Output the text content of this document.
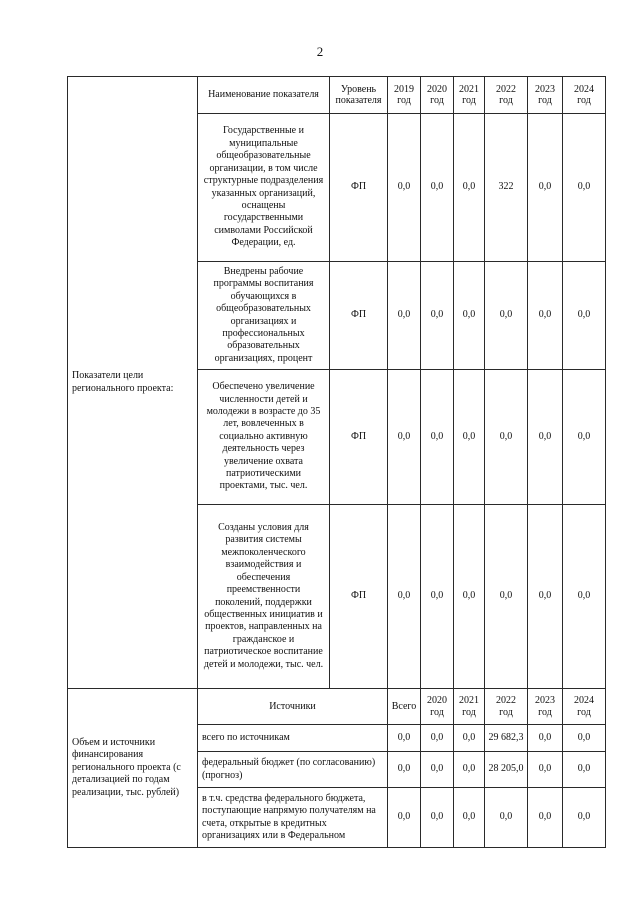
2
Показатели цели регионального проекта:	Наименование показателя	Уровень показателя	2019 год	2020 год	2021 год	2022 год	2023 год	2024 год
	Государственные и муниципальные общеобразовательные организации, в том числе структурные подразделения указанных организаций, оснащены государственными символами Российской Федерации, ед.	ФП	0,0	0,0	0,0	322	0,0	0,0
	Внедрены рабочие программы воспитания обучающихся в общеобразовательных организациях и профессиональных образовательных организациях, процент	ФП	0,0	0,0	0,0	0,0	0,0	0,0
	Обеспечено увеличение численности детей и молодежи в возрасте до 35 лет, вовлеченных в социально активную деятельность через увеличение охвата патриотическими проектами, тыс. чел.	ФП	0,0	0,0	0,0	0,0	0,0	0,0
	Созданы условия для развития системы межпоколенческого взаимодействия и обеспечения преемственности поколений, поддержки общественных инициатив и проектов, направленных на гражданское и патриотическое воспитание детей и молодежи, тыс. чел.	ФП	0,0	0,0	0,0	0,0	0,0	0,0
Объем и источники финансирования регионального проекта (с детализацией по годам реализации, тыс. рублей)	Источники		Всего	2020 год	2021 год	2022 год	2023 год	2024 год
	всего по источникам		0,0	0,0	0,0	29 682,3	0,0	0,0
	федеральный бюджет (по согласованию) (прогноз)		0,0	0,0	0,0	28 205,0	0,0	0,0
	в т.ч. средства федерального бюджета, поступающие напрямую получателям на счета, открытые в кредитных организациях или в Федеральном		0,0	0,0	0,0	0,0	0,0	0,0
